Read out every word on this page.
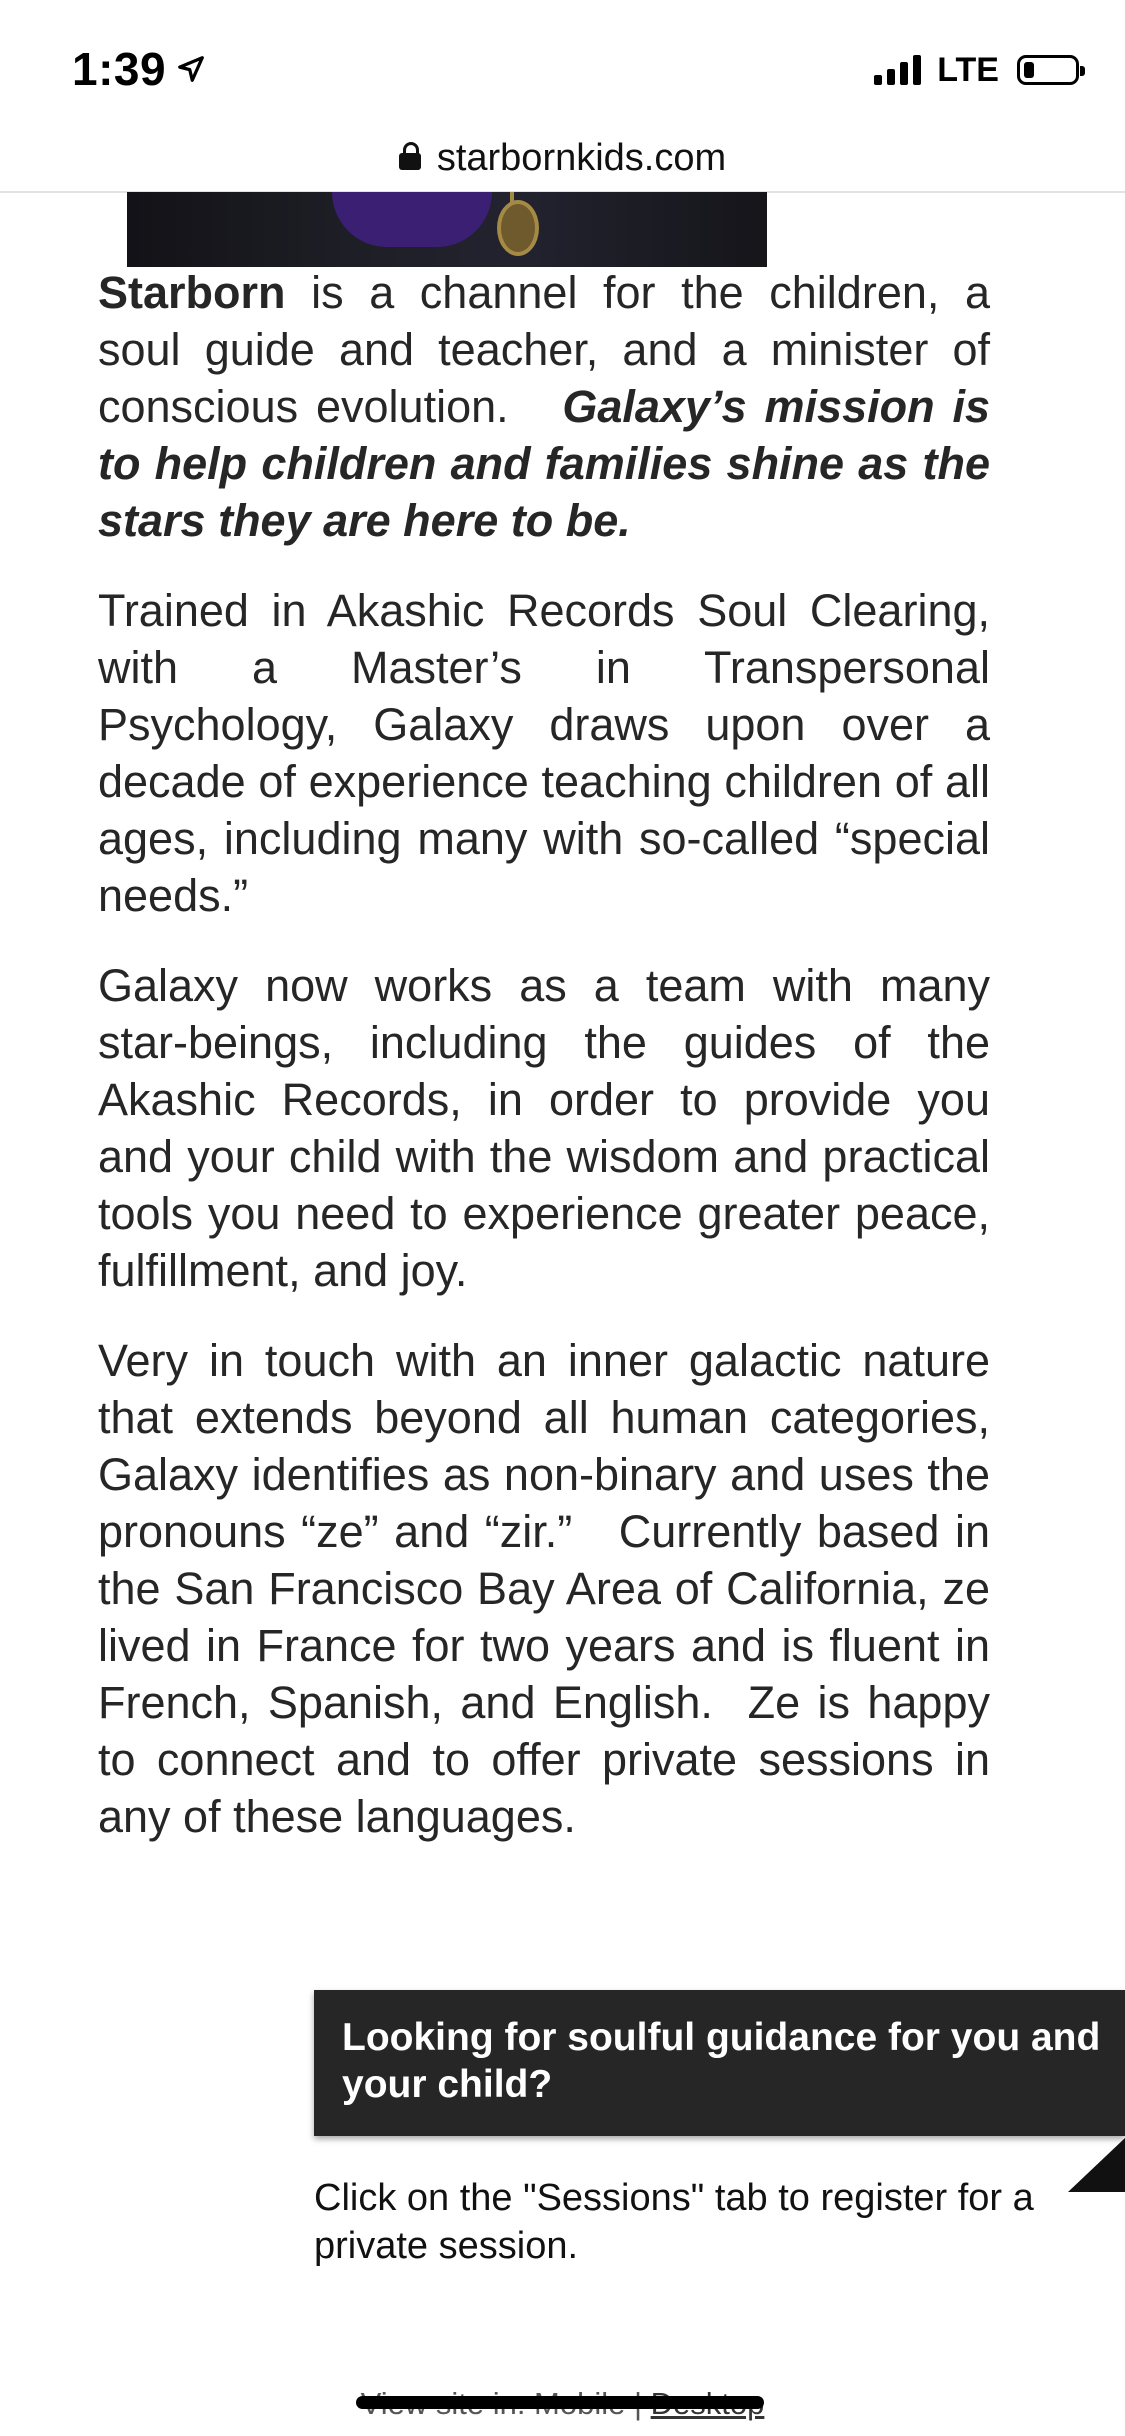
1:39	LTE
starbornkids.com

Starborn is a channel for the children, a soul guide and teacher, and a minister of conscious evolution.   Galaxy’s mission is to help children and families shine as the stars they are here to be.

Trained in Akashic Records Soul Clearing, with a Master’s in Transpersonal Psychology, Galaxy draws upon over a decade of experience teaching children of all ages, including many with so-called “special needs.”

Galaxy now works as a team with many star-beings, including the guides of the Akashic Records, in order to provide you and your child with the wisdom and practical tools you need to experience greater peace, fulfillment, and joy.

Very in touch with an inner galactic nature that extends beyond all human categories, Galaxy identifies as non-binary and uses the pronouns “ze” and “zir.”   Currently based in the San Francisco Bay Area of California, ze lived in France for two years and is fluent in French, Spanish, and English.  Ze is happy to connect and to offer private sessions in any of these languages.

Looking for soulful guidance for you and your child?
Click on the "Sessions" tab to register for a private session.
